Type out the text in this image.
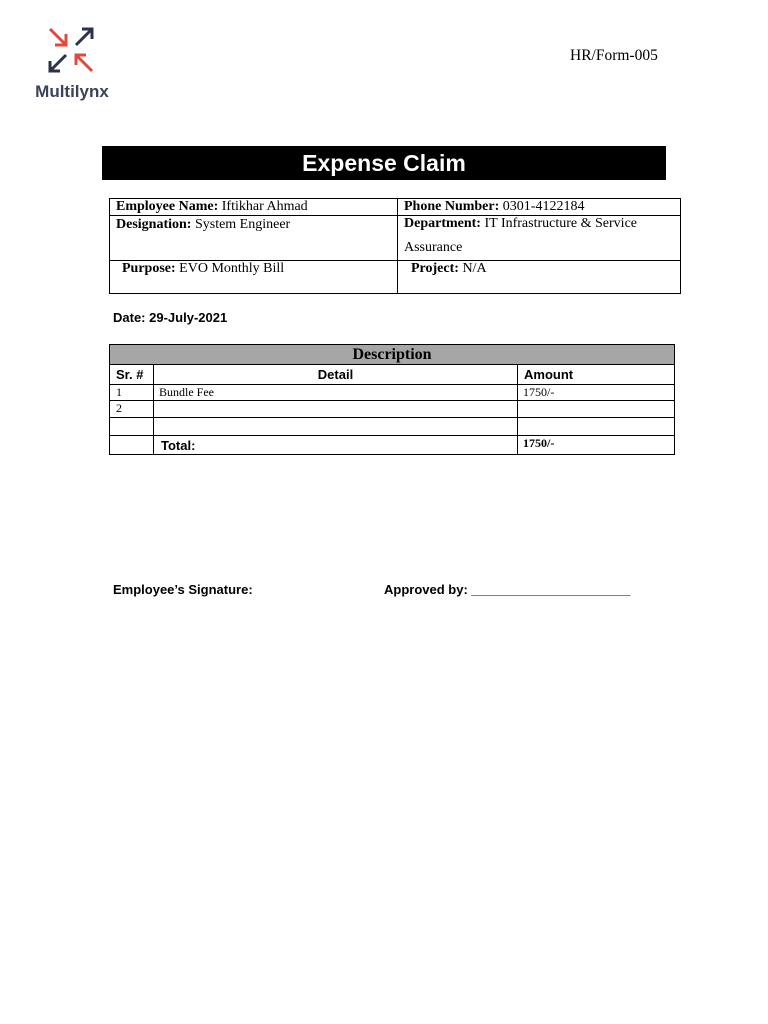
Multilynx
HR/Form-005
Expense Claim
Employee Name: Iftikhar Ahmad	Phone Number: 0301-4122184
Designation: System Engineer	Department: IT Infrastructure & Service Assurance

Purpose: EVO Monthly Bill	Project: N/A
Date: 29-July-2021
Description		
Sr. #	Detail	Amount
1	Bundle Fee	1750/-
2		

	Total:	1750/-
Employee’s Signature:	Approved by: ______________________
